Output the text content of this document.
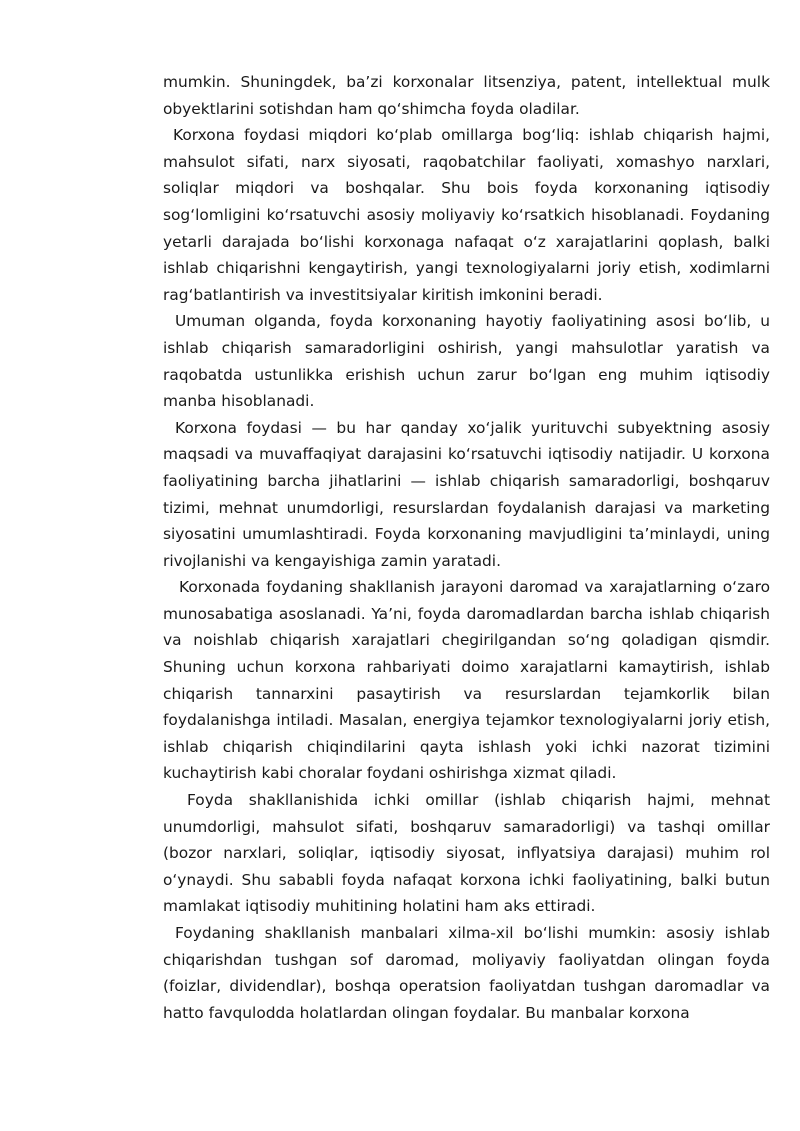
mumkin. Shuningdek, ba’zi korxonalar litsenziya, patent, intellektual mulk obyektlarini sotishdan ham qo‘shimcha foyda oladilar.

Korxona foydasi miqdori ko‘plab omillarga bog‘liq: ishlab chiqarish hajmi, mahsulot sifati, narx siyosati, raqobatchilar faoliyati, xomashyo narxlari, soliqlar miqdori va boshqalar. Shu bois foyda korxonaning iqtisodiy sog‘lomligini ko‘rsatuvchi asosiy moliyaviy ko‘rsatkich hisoblanadi. Foydaning yetarli darajada bo‘lishi korxonaga nafaqat o‘z xarajatlarini qoplash, balki ishlab chiqarishni kengaytirish, yangi texnologiyalarni joriy etish, xodimlarni rag‘batlantirish va investitsiyalar kiritish imkonini beradi.

Umuman olganda, foyda korxonaning hayotiy faoliyatining asosi bo‘lib, u ishlab chiqarish samaradorligini oshirish, yangi mahsulotlar yaratish va raqobatda ustunlikka erishish uchun zarur bo‘lgan eng muhim iqtisodiy manba hisoblanadi.

Korxona foydasi — bu har qanday xo‘jalik yurituvchi subyektning asosiy maqsadi va muvaffaqiyat darajasini ko‘rsatuvchi iqtisodiy natijadir. U korxona faoliyatining barcha jihatlarini — ishlab chiqarish samaradorligi, boshqaruv tizimi, mehnat unumdorligi, resurslardan foydalanish darajasi va marketing siyosatini umumlashtiradi. Foyda korxonaning mavjudligini ta’minlaydi, uning rivojlanishi va kengayishiga zamin yaratadi.

Korxonada foydaning shakllanish jarayoni daromad va xarajatlarning o‘zaro munosabatiga asoslanadi. Ya’ni, foyda daromadlardan barcha ishlab chiqarish va noishlab chiqarish xarajatlari chegirilgandan so‘ng qoladigan qismdir. Shuning uchun korxona rahbariyati doimo xarajatlarni kamaytirish, ishlab chiqarish tannarxini pasaytirish va resurslardan tejamkorlik bilan foydalanishga intiladi. Masalan, energiya tejamkor texnologiyalarni joriy etish, ishlab chiqarish chiqindilarini qayta ishlash yoki ichki nazorat tizimini kuchaytirish kabi choralar foydani oshirishga xizmat qiladi.

Foyda shakllanishida ichki omillar (ishlab chiqarish hajmi, mehnat unumdorligi, mahsulot sifati, boshqaruv samaradorligi) va tashqi omillar (bozor narxlari, soliqlar, iqtisodiy siyosat, inflyatsiya darajasi) muhim rol o‘ynaydi. Shu sababli foyda nafaqat korxona ichki faoliyatining, balki butun mamlakat iqtisodiy muhitining holatini ham aks ettiradi.

Foydaning shakllanish manbalari xilma-xil bo‘lishi mumkin: asosiy ishlab chiqarishdan tushgan sof daromad, moliyaviy faoliyatdan olingan foyda (foizlar, dividendlar), boshqa operatsion faoliyatdan tushgan daromadlar va hatto favqulodda holatlardan olingan foydalar. Bu manbalar korxona
